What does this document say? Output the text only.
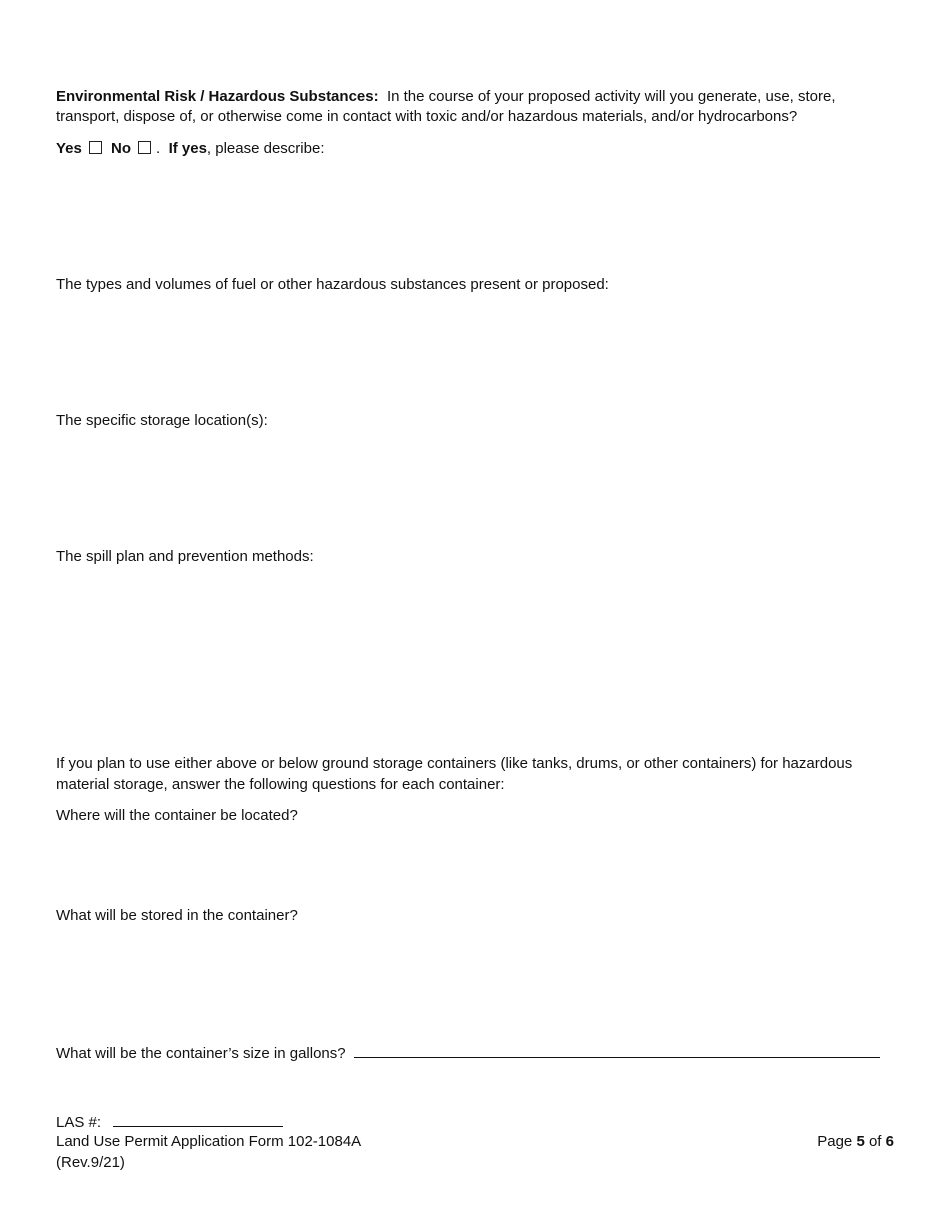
Environmental Risk / Hazardous Substances: In the course of your proposed activity will you generate, use, store,
transport, dispose of, or otherwise come in contact with toxic and/or hazardous materials, and/or hydrocarbons?
Yes No . If yes, please describe:
The types and volumes of fuel or other hazardous substances present or proposed:
The specific storage location(s):
The spill plan and prevention methods:
If you plan to use either above or below ground storage containers (like tanks, drums, or other containers) for hazardous
material storage, answer the following questions for each container:
Where will the container be located?
What will be stored in the container?
What will be the container’s size in gallons?
LAS #:
Land Use Permit Application Form 102-1084A
(Rev.9/21)
Page 5 of 6
